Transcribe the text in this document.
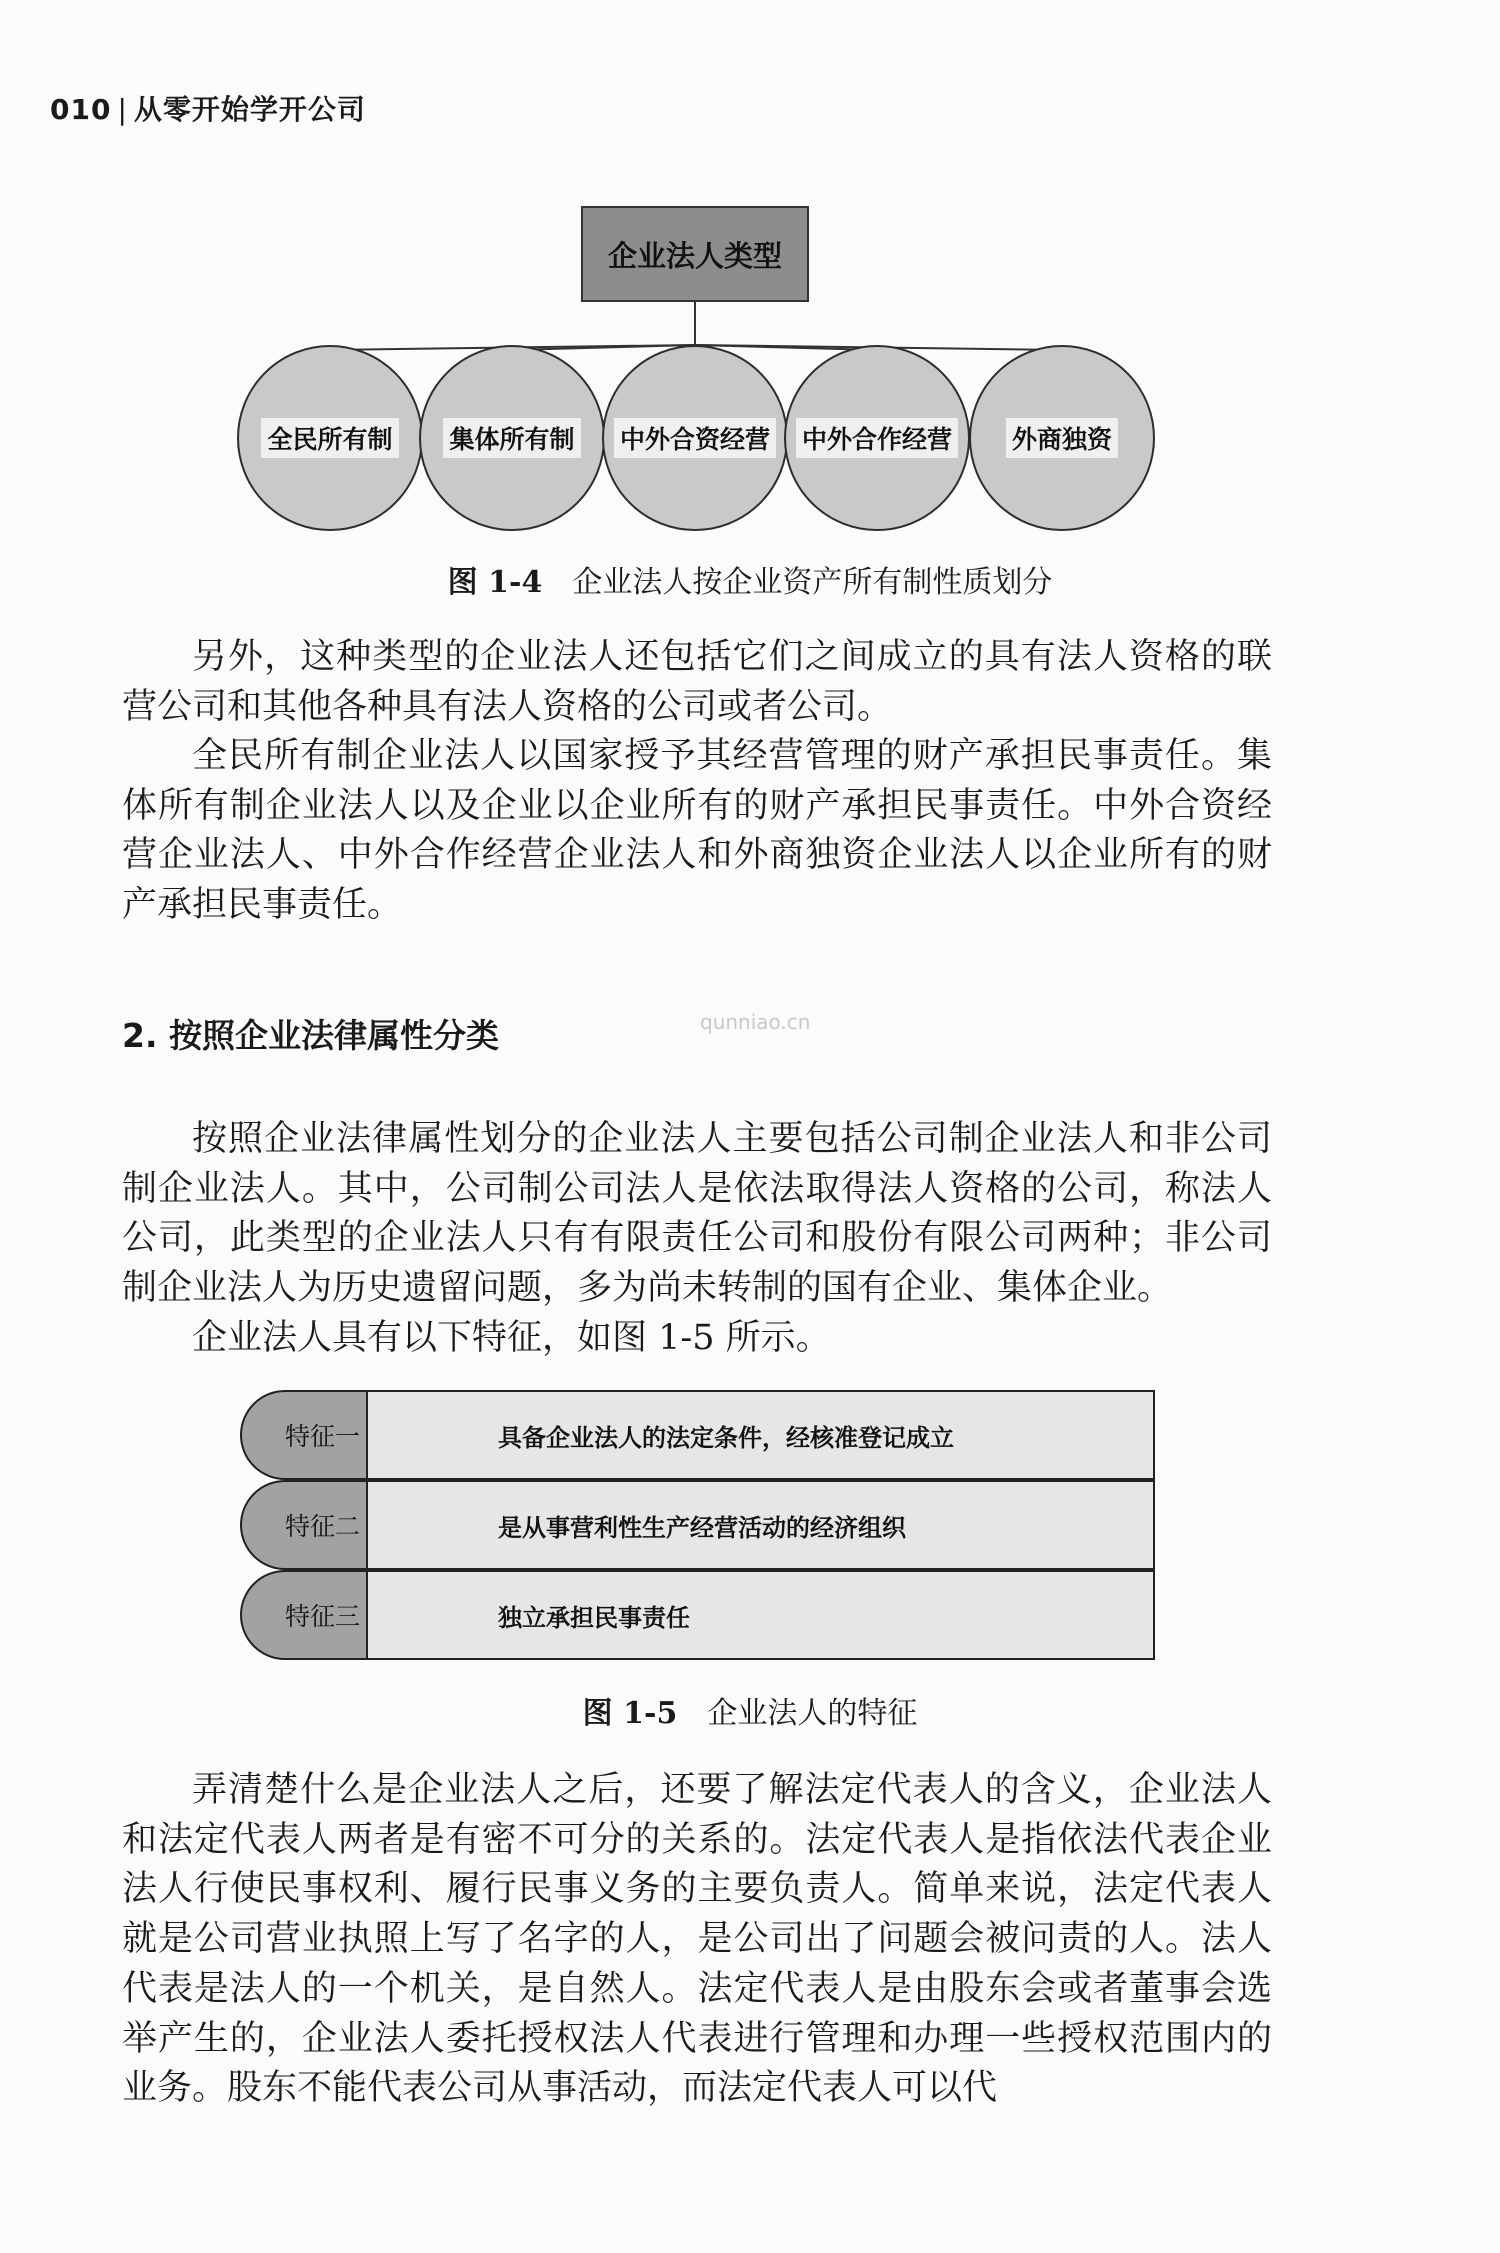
010 | 从零开始学开公司
企业法人类型
全民所有制 集体所有制 中外合资经营 中外合作经营 外商独资
图 1-4 企业法人按企业资产所有制性质划分

另外，这种类型的企业法人还包括它们之间成立的具有法人资格的联营公司和其他各种具有法人资格的公司或者公司。

全民所有制企业法人以国家授予其经营管理的财产承担民事责任。集体所有制企业法人以及企业以企业所有的财产承担民事责任。中外合资经营企业法人、中外合作经营企业法人和外商独资企业法人以企业所有的财产承担民事责任。

2. 按照企业法律属性分类

按照企业法律属性划分的企业法人主要包括公司制企业法人和非公司制企业法人。其中，公司制公司法人是依法取得法人资格的公司，称法人公司，此类型的企业法人只有有限责任公司和股份有限公司两种；非公司制企业法人为历史遗留问题，多为尚未转制的国有企业、集体企业。

企业法人具有以下特征，如图 1-5 所示。

qunniao.cn
特征一	具备企业法人的法定条件，经核准登记成立
特征二	是从事营利性生产经营活动的经济组织
特征三	独立承担民事责任
图 1-5 企业法人的特征

弄清楚什么是企业法人之后，还要了解法定代表人的含义，企业法人和法定代表人两者是有密不可分的关系的。法定代表人是指依法代表企业法人行使民事权利、履行民事义务的主要负责人。简单来说，法定代表人就是公司营业执照上写了名字的人，是公司出了问题会被问责的人。法人代表是法人的一个机关，是自然人。法定代表人是由股东会或者董事会选举产生的，企业法人委托授权法人代表进行管理和办理一些授权范围内的业务。股东不能代表公司从事活动，而法定代表人可以代
